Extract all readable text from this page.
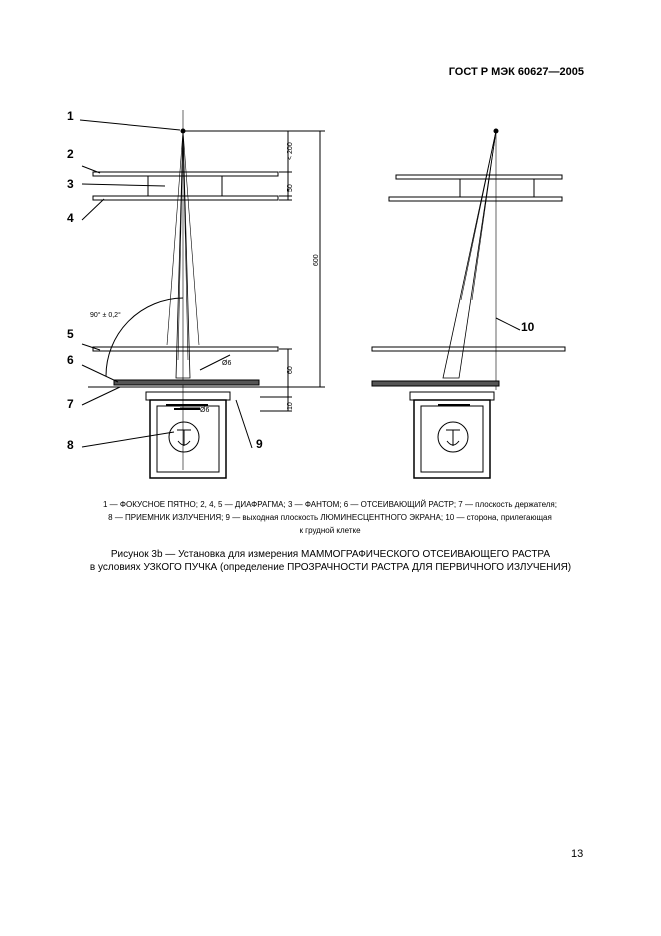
ГОСТ Р МЭК 60627—2005
1
2
3
4
5
6
7
8	9
10
< 200
50
600
60
10
90° ± 0,2°
Ø6
Ø6
1 — ФОКУСНОЕ ПЯТНО; 2, 4, 5 — ДИАФРАГМА; 3 — ФАНТОМ; 6 — ОТСЕИВАЮЩИЙ РАСТР; 7 — плоскость держателя;
8 — ПРИЕМНИК ИЗЛУЧЕНИЯ; 9 — выходная плоскость ЛЮМИНЕСЦЕНТНОГО ЭКРАНА; 10 — сторона, прилегающая
к грудной клетке
Рисунок 3b — Установка для измерения МАММОГРАФИЧЕСКОГО ОТСЕИВАЮЩЕГО РАСТРА
в условиях УЗКОГО ПУЧКА (определение ПРОЗРАЧНОСТИ РАСТРА ДЛЯ ПЕРВИЧНОГО ИЗЛУЧЕНИЯ)
13
